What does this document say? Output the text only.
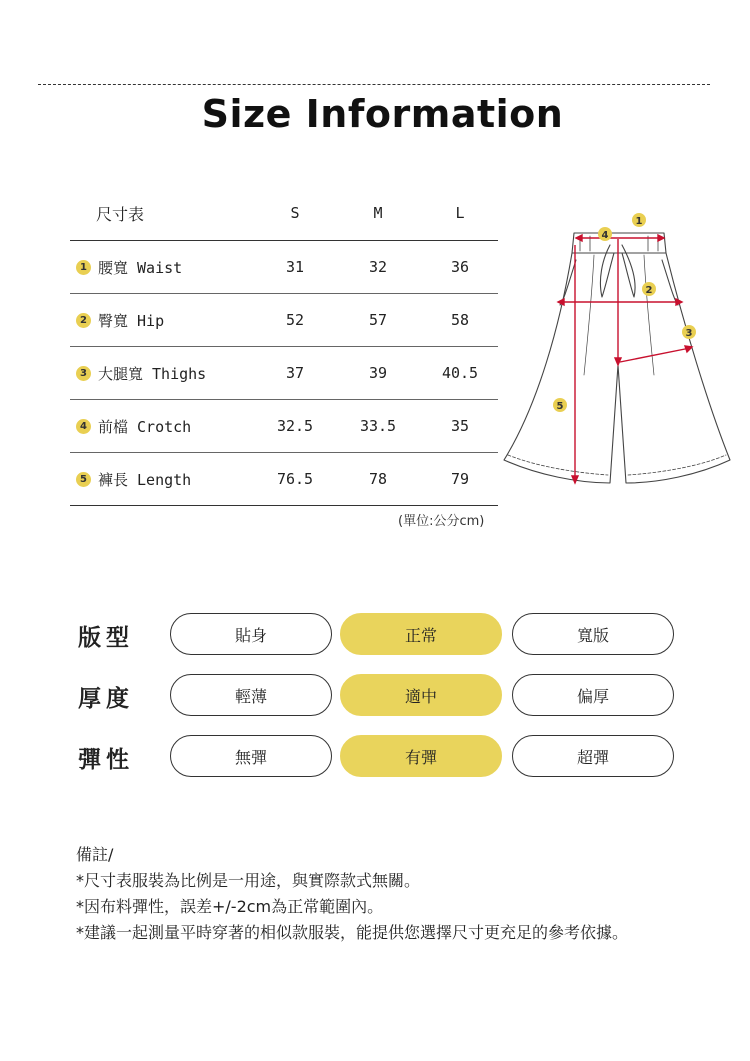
Size Information
尺寸表	S	M	L
1 腰寬 Waist	31	32	36
2 臀寬 Hip	52	57	58
3 大腿寬 Thighs	37	39	40.5
4 前檔 Crotch	32.5	33.5	35
5 褲長 Length	76.5	78	79
(單位:公分cm)
1
4
2
3
5
版型	貼身	正常	寬版
厚度	輕薄	適中	偏厚
彈性	無彈	有彈	超彈
備註/
*尺寸表服裝為比例是一用途，與實際款式無關。
*因布料彈性，誤差+/-2cm為正常範圍內。
*建議一起測量平時穿著的相似款服裝，能提供您選擇尺寸更充足的參考依據。
